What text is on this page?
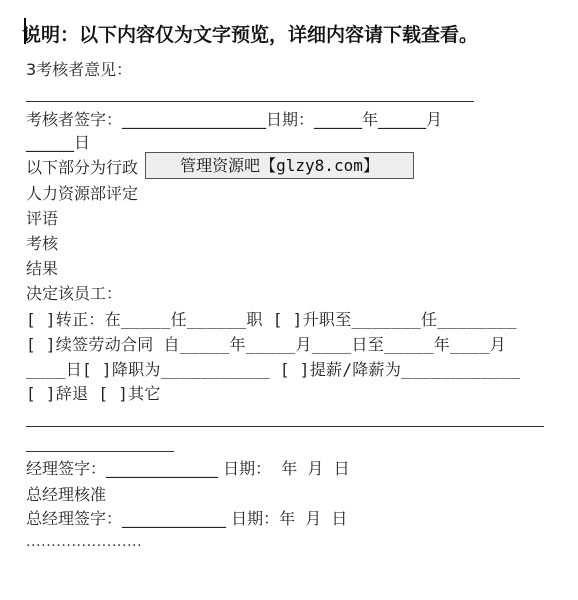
说明：以下内容仅为文字预览，详细内容请下载查看。
3考核者意见：
考核者签字：__________________日期：______年______月
______日
以下部分为行政	管理资源吧【glzy8.com】
人力资源部评定
评语
考核
结果
决定该员工：
[ ]转正：在_____任______职 [ ]升职至_______任________
[ ]续签劳动合同 自_____年_____月____日至_____年____月
____日[ ]降职为___________ [ ]提薪/降薪为____________
[ ]辞退 [ ]其它
经理签字：______________ 日期：  年  月  日
总经理核准
总经理签字：_____________ 日期：年  月  日
·······················
